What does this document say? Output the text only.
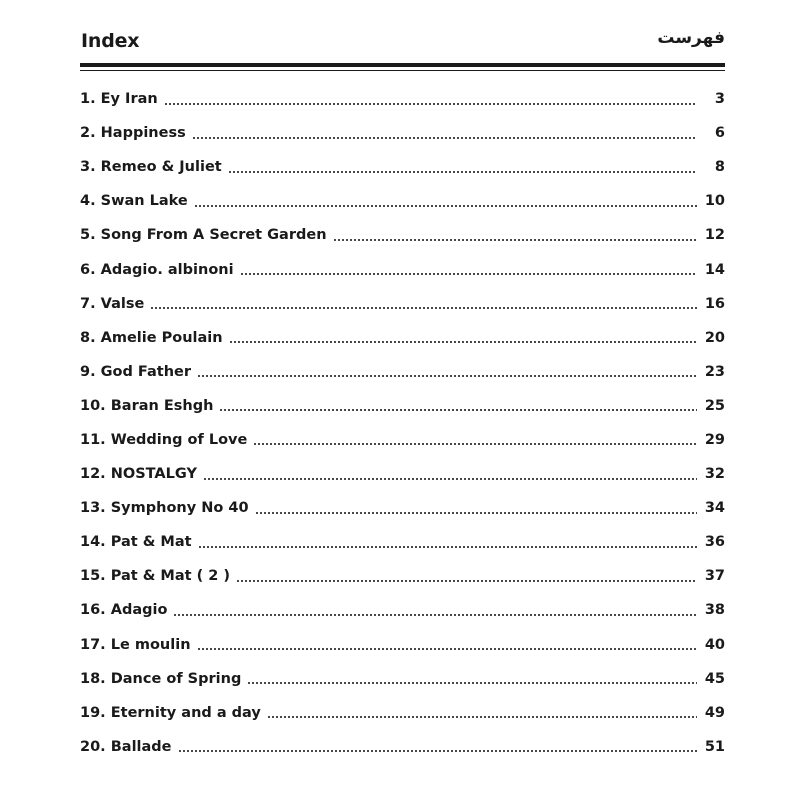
Index	فهرست
1. Ey Iran	3
2. Happiness	6
3. Remeo & Juliet	8
4. Swan Lake	10
5. Song From A Secret Garden	12
6. Adagio. albinoni	14
7. Valse	16
8. Amelie Poulain	20
9. God Father	23
10. Baran Eshgh	25
11. Wedding of Love	29
12. NOSTALGY	32
13. Symphony No 40	34
14. Pat & Mat	36
15. Pat & Mat ( 2 )	37
16. Adagio	38
17. Le moulin	40
18. Dance of Spring	45
19. Eternity and a day	49
20. Ballade	51
